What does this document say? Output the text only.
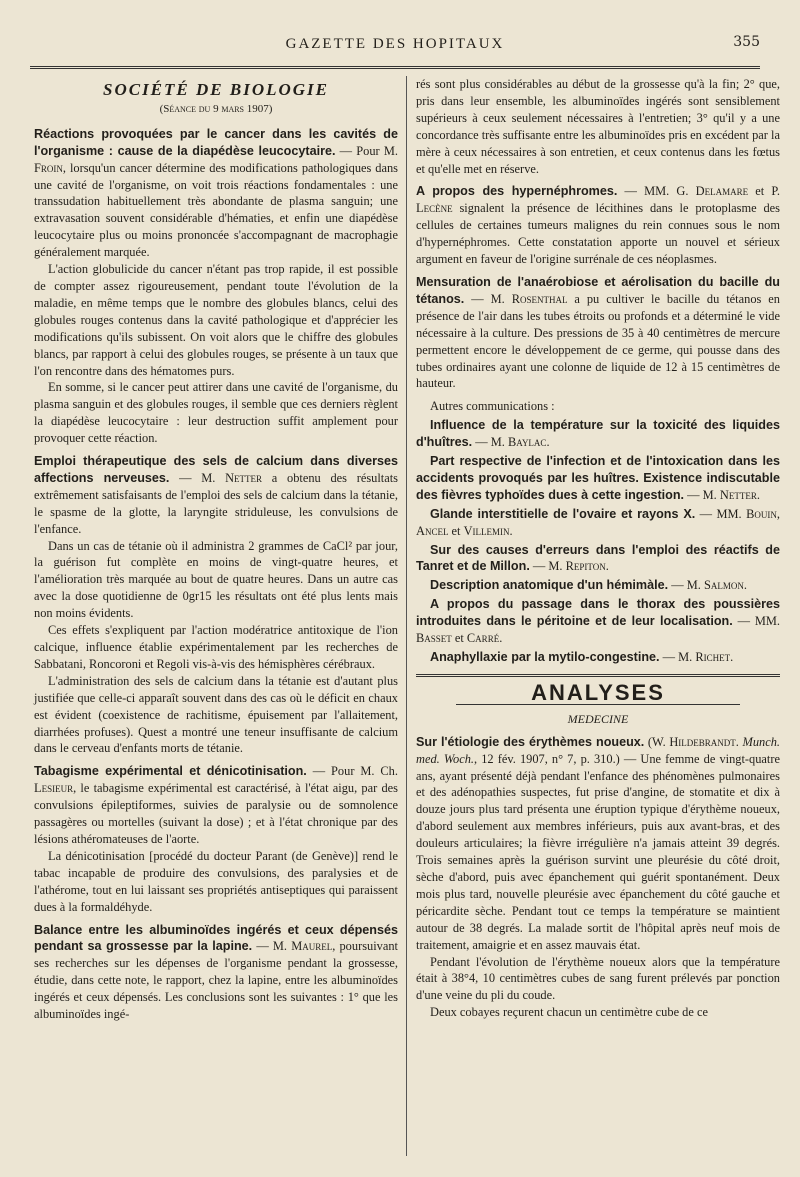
GAZETTE DES HOPITAUX	355
SOCIÉTÉ DE BIOLOGIE
(Séance du 9 mars 1907)

Réactions provoquées par le cancer dans les cavités de l'organisme : cause de la diapédèse leucocytaire. — Pour M. Froin, lorsqu'un cancer détermine des modifications pathologiques dans une cavité de l'organisme, on voit trois réactions fondamentales : une transsudation habituellement très abondante de plasma sanguin; une extravasation souvent considérable d'hématies, et enfin une diapédèse leucocytaire plus ou moins prononcée s'accompagnant de macrophagie généralement marquée.

L'action globulicide du cancer n'étant pas trop rapide, il est possible de compter assez rigoureusement, pendant toute l'évolution de la maladie, en même temps que le nombre des globules blancs, celui des globules rouges contenus dans la cavité pathologique et d'apprécier les modifications qu'ils subissent. On voit alors que le chiffre des globules blancs, par rapport à celui des globules rouges, se présente à un taux que l'on rencontre dans des hématomes purs.

En somme, si le cancer peut attirer dans une cavité de l'organisme, du plasma sanguin et des globules rouges, il semble que ces derniers règlent la diapédèse leucocytaire : leur destruction suffit amplement pour provoquer cette réaction.

Emploi thérapeutique des sels de calcium dans diverses affections nerveuses. — M. Netter a obtenu des résultats extrêmement satisfaisants de l'emploi des sels de calcium dans la tétanie, le spasme de la glotte, la laryngite striduleuse, les convulsions de l'enfance.

Dans un cas de tétanie où il administra 2 grammes de CaCl² par jour, la guérison fut complète en moins de vingt-quatre heures, et l'amélioration très marquée au bout de quatre heures. Dans un autre cas avec la dose quotidienne de 0gr15 les résultats ont été plus lents mais non moins évidents.

Ces effets s'expliquent par l'action modératrice antitoxique de l'ion calcique, influence établie expérimentalement par les recherches de Sabbatani, Roncoroni et Regoli vis-à-vis des hémisphères cérébraux.

L'administration des sels de calcium dans la tétanie est d'autant plus justifiée que celle-ci apparaît souvent dans des cas où le déficit en chaux est évident (coexistence de rachitisme, épuisement par l'allaitement, diarrhées profuses). Quest a montré une teneur insuffisante de calcium dans le cerveau d'enfants morts de tétanie.

Tabagisme expérimental et dénicotinisation. — Pour M. Ch. Lesieur, le tabagisme expérimental est caractérisé, à l'état aigu, par des convulsions épileptiformes, suivies de paralysie ou de somnolence passagères ou mortelles (suivant la dose) ; et à l'état chronique par des lésions athéromateuses de l'aorte.

La dénicotinisation [procédé du docteur Parant (de Genève)] rend le tabac incapable de produire des convulsions, des paralysies et de l'athérome, tout en lui laissant ses propriétés antiseptiques qui paraissent dues à la formaldéhyde.

Balance entre les albuminoïdes ingérés et ceux dépensés pendant sa grossesse par la lapine. — M. Maurel, poursuivant ses recherches sur les dépenses de l'organisme pendant la grossesse, étudie, dans cette note, le rapport, chez la lapine, entre les albuminoïdes ingérés et ceux dépensés. Les conclusions sont les suivantes : 1° que les albuminoïdes ingé-

rés sont plus considérables au début de la grossesse qu'à la fin; 2° que, pris dans leur ensemble, les albuminoïdes ingérés sont sensiblement supérieurs à ceux seulement nécessaires à l'entretien; 3° qu'il y a une concordance très suffisante entre les albuminoïdes pris en excédent par la mère à ceux nécessaires à son entretien, et ceux contenus dans les fœtus et qu'elle met en réserve.

A propos des hypernéphromes. — MM. G. Delamare et P. Lecène signalent la présence de lécithines dans le protoplasme des cellules de certaines tumeurs malignes du rein connues sous le nom d'hypernéphromes. Cette constatation apporte un nouvel et sérieux argument en faveur de l'origine surrénale de ces néoplasmes.

Mensuration de l'anaérobiose et aérolisation du bacille du tétanos. — M. Rosenthal a pu cultiver le bacille du tétanos en présence de l'air dans les tubes étroits ou profonds et a déterminé le vide nécessaire à la culture. Des pressions de 35 à 40 centimètres de mercure permettent encore le développement de ce germe, qui pousse dans des tubes ordinaires ayant une colonne de liquide de 12 à 15 centimètres de hauteur.

Autres communications :

Influence de la température sur la toxicité des liquides d'huîtres. — M. Baylac.

Part respective de l'infection et de l'intoxication dans les accidents provoqués par les huîtres. Existence indiscutable des fièvres typhoïdes dues à cette ingestion. — M. Netter.

Glande interstitielle de l'ovaire et rayons X. — MM. Bouin, Ancel et Villemin.

Sur des causes d'erreurs dans l'emploi des réactifs de Tanret et de Millon. — M. Repiton.

Description anatomique d'un hémimàle. — M. Salmon.

A propos du passage dans le thorax des poussières introduites dans le péritoine et de leur localisation. — MM. Basset et Carré.

Anaphyllaxie par la mytilo-congestine. — M. Richet.

ANALYSES
MEDECINE

Sur l'étiologie des érythèmes noueux. (W. Hildebrandt. Munch. med. Woch., 12 fév. 1907, n° 7, p. 310.) — Une femme de vingt-quatre ans, ayant présenté déjà pendant l'enfance des phénomènes pulmonaires et des adénopathies suspectes, fut prise d'angine, de stomatite et dix à douze jours plus tard présenta une éruption typique d'érythème noueux, d'abord seulement aux membres inférieurs, puis aux avant-bras, et des douleurs articulaires; la fièvre irrégulière n'a jamais atteint 39 degrés. Trois semaines après la guérison survint une pleurésie du côté droit, sèche d'abord, puis avec épanchement qui guérit spontanément. Deux mois plus tard, nouvelle pleurésie avec épanchement du côté gauche et péricardite sèche. Pendant tout ce temps la température se maintient autour de 38 degrés. La malade sortit de l'hôpital après neuf mois de traitement, amaigrie et en assez mauvais état.

Pendant l'évolution de l'érythème noueux alors que la température était à 38°4, 10 centimètres cubes de sang furent prélevés par ponction d'une veine du pli du coude.

Deux cobayes reçurent chacun un centimètre cube de ce
